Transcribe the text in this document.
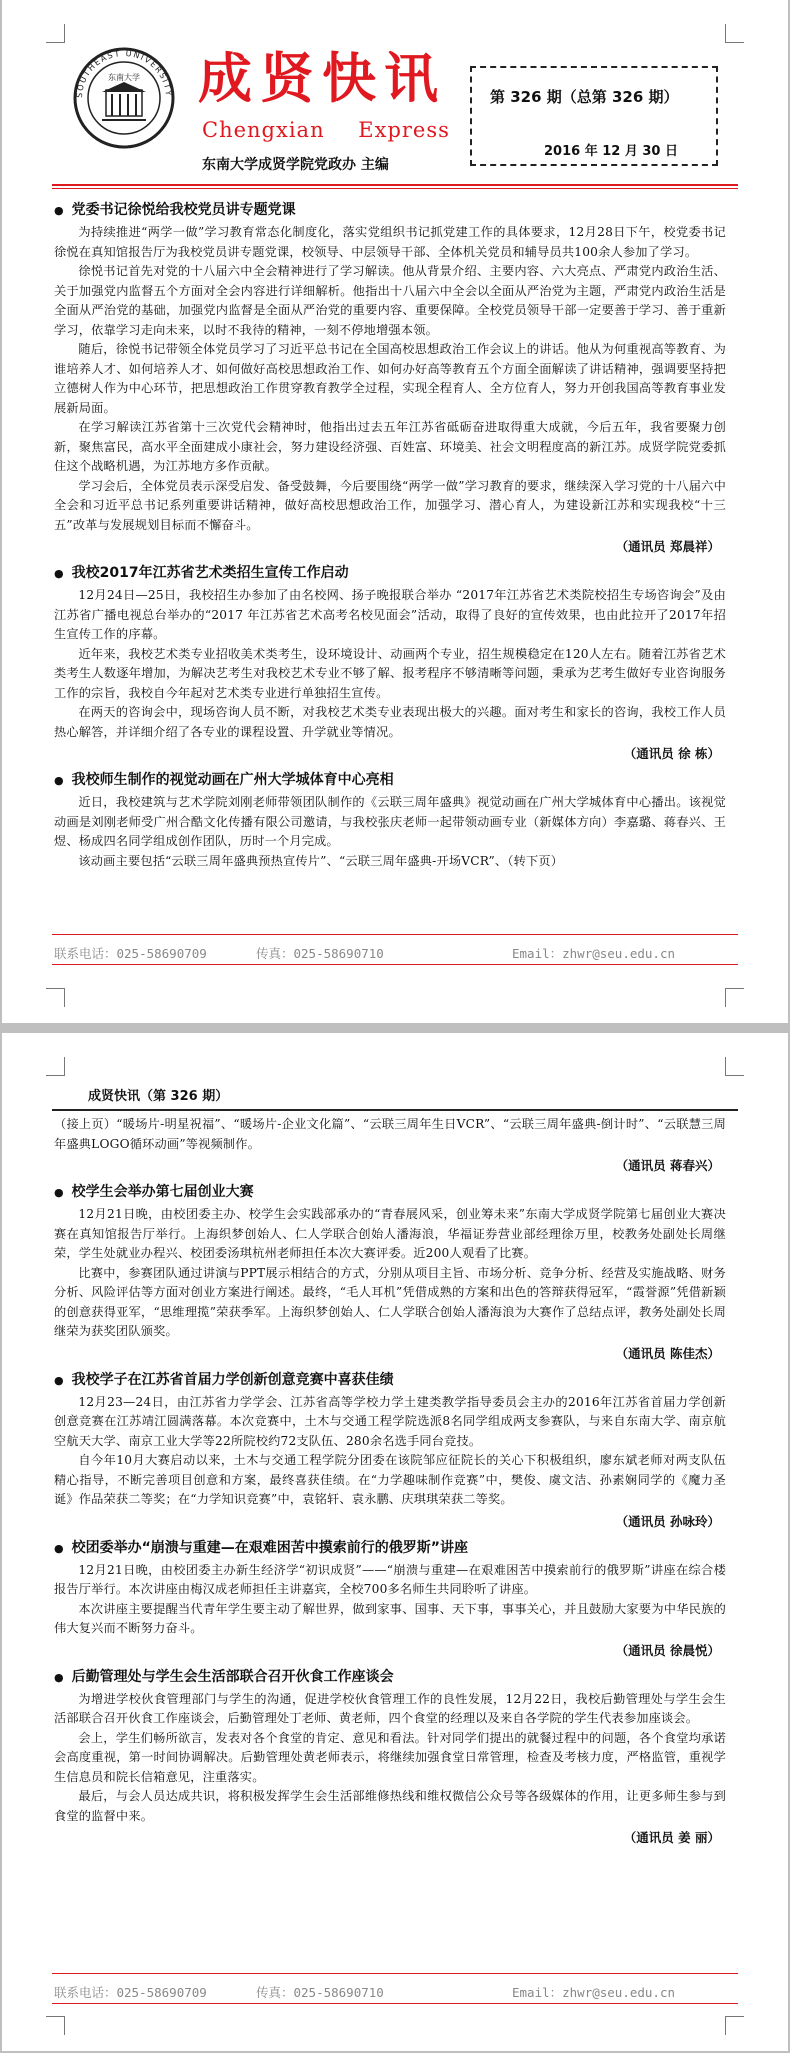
SOUTHEAST UNIVERSITY
东南大学 成贤快讯
Chengxian Express
东南大学成贤学院党政办 主编
第 326 期（总第 326 期）
2016 年 12 月 30 日
● 党委书记徐悦给我校党员讲专题党课

为持续推进“两学一做”学习教育常态化制度化，落实党组织书记抓党建工作的具体要求，12月28日下午，校党委书记徐悦在真知馆报告厅为我校党员讲专题党课，校领导、中层领导干部、全体机关党员和辅导员共100余人参加了学习。

徐悦书记首先对党的十八届六中全会精神进行了学习解读。他从背景介绍、主要内容、六大亮点、严肃党内政治生活、关于加强党内监督五个方面对全会内容进行详细解析。他指出十八届六中全会以全面从严治党为主题，严肃党内政治生活是全面从严治党的基础，加强党内监督是全面从严治党的重要内容、重要保障。全校党员领导干部一定要善于学习、善于重新学习，依靠学习走向未来，以时不我待的精神，一刻不停地增强本领。

随后，徐悦书记带领全体党员学习了习近平总书记在全国高校思想政治工作会议上的讲话。他从为何重视高等教育、为谁培养人才、如何培养人才、如何做好高校思想政治工作、如何办好高等教育五个方面全面解读了讲话精神，强调要坚持把立德树人作为中心环节，把思想政治工作贯穿教育教学全过程，实现全程育人、全方位育人，努力开创我国高等教育事业发展新局面。

在学习解读江苏省第十三次党代会精神时，他指出过去五年江苏省砥砺奋进取得重大成就，今后五年，我省要聚力创新，聚焦富民，高水平全面建成小康社会，努力建设经济强、百姓富、环境美、社会文明程度高的新江苏。成贤学院党委抓住这个战略机遇，为江苏地方多作贡献。

学习会后，全体党员表示深受启发、备受鼓舞，今后要围绕“两学一做”学习教育的要求，继续深入学习党的十八届六中全会和习近平总书记系列重要讲话精神，做好高校思想政治工作，加强学习、潜心育人，为建设新江苏和实现我校“十三五”改革与发展规划目标而不懈奋斗。

（通讯员 郑晨祥）
● 我校2017年江苏省艺术类招生宣传工作启动

12月24日—25日，我校招生办参加了由名校网、扬子晚报联合举办 “2017年江苏省艺术类院校招生专场咨询会”及由江苏省广播电视总台举办的“2017 年江苏省艺术高考名校见面会”活动，取得了良好的宣传效果，也由此拉开了2017年招生宣传工作的序幕。

近年来，我校艺术类专业招收美术类考生，设环境设计、动画两个专业，招生规模稳定在120人左右。随着江苏省艺术类考生人数逐年增加，为解决艺考生对我校艺术专业不够了解、报考程序不够清晰等问题，秉承为艺考生做好专业咨询服务工作的宗旨，我校自今年起对艺术类专业进行单独招生宣传。

在两天的咨询会中，现场咨询人员不断，对我校艺术类专业表现出极大的兴趣。面对考生和家长的咨询，我校工作人员热心解答，并详细介绍了各专业的课程设置、升学就业等情况。

（通讯员 徐 栋）
● 我校师生制作的视觉动画在广州大学城体育中心亮相

近日，我校建筑与艺术学院刘刚老师带领团队制作的《云联三周年盛典》视觉动画在广州大学城体育中心播出。该视觉动画是刘刚老师受广州合酷文化传播有限公司邀请，与我校张庆老师一起带领动画专业（新媒体方向）李嘉璐、蒋春兴、王煜、杨成四名同学组成创作团队，历时一个月完成。

该动画主要包括“云联三周年盛典预热宣传片”、“云联三周年盛典-开场VCR”、（转下页）

联系电话：025-58690709	传真：025-58690710	Email：zhwr@seu.edu.cn
成贤快讯（第 326 期）

（接上页）“暖场片-明星祝福”、“暖场片-企业文化篇”、“云联三周年生日VCR”、“云联三周年盛典-倒计时”、“云联慧三周年盛典LOGO循环动画”等视频制作。

（通讯员 蒋春兴）
● 校学生会举办第七届创业大赛

12月21日晚，由校团委主办、校学生会实践部承办的“青春展风采，创业筹未来”东南大学成贤学院第七届创业大赛决赛在真知馆报告厅举行。上海织梦创始人、仁人学联合创始人潘海浪，华福证券营业部经理徐万里，校教务处副处长周继荣，学生处就业办程兴、校团委汤琪杭州老师担任本次大赛评委。近200人观看了比赛。

比赛中，参赛团队通过讲演与PPT展示相结合的方式，分别从项目主旨、市场分析、竞争分析、经营及实施战略、财务分析、风险评估等方面对创业方案进行阐述。最终，“毛人耳机”凭借成熟的方案和出色的答辩获得冠军，“霞誉源”凭借新颖的创意获得亚军，“思维理揽”荣获季军。上海织梦创始人、仁人学联合创始人潘海浪为大赛作了总结点评，教务处副处长周继荣为获奖团队颁奖。

（通讯员 陈佳杰）
● 我校学子在江苏省首届力学创新创意竞赛中喜获佳绩

12月23—24日，由江苏省力学学会、江苏省高等学校力学土建类教学指导委员会主办的2016年江苏省首届力学创新创意竞赛在江苏靖江圆满落幕。本次竞赛中，土木与交通工程学院选派8名同学组成两支参赛队，与来自东南大学、南京航空航天大学、南京工业大学等22所院校约72支队伍、280余名选手同台竞技。

自今年10月大赛启动以来，土木与交通工程学院分团委在该院邹应征院长的关心下积极组织，廖东斌老师对两支队伍精心指导，不断完善项目创意和方案，最终喜获佳绩。在“力学趣味制作竞赛”中，樊俊、虞文洁、孙素娴同学的《魔力圣诞》作品荣获二等奖；在“力学知识竞赛”中，袁铭轩、袁永鹏、庆琪琪荣获二等奖。

（通讯员 孙咏玲）
● 校团委举办“崩溃与重建—在艰难困苦中摸索前行的俄罗斯”讲座

12月21日晚，由校团委主办新生经济学“初识成贤”——“崩溃与重建—在艰难困苦中摸索前行的俄罗斯”讲座在综合楼报告厅举行。本次讲座由梅汉成老师担任主讲嘉宾，全校700多名师生共同聆听了讲座。

本次讲座主要提醒当代青年学生要主动了解世界，做到家事、国事、天下事，事事关心，并且鼓励大家要为中华民族的伟大复兴而不断努力奋斗。

（通讯员 徐晨悦）
● 后勤管理处与学生会生活部联合召开伙食工作座谈会

为增进学校伙食管理部门与学生的沟通，促进学校伙食管理工作的良性发展，12月22日，我校后勤管理处与学生会生活部联合召开伙食工作座谈会，后勤管理处丁老师、黄老师，四个食堂的经理以及来自各学院的学生代表参加座谈会。

会上，学生们畅所欲言，发表对各个食堂的肯定、意见和看法。针对同学们提出的就餐过程中的问题，各个食堂均承诺会高度重视，第一时间协调解决。后勤管理处黄老师表示，将继续加强食堂日常管理，检查及考核力度，严格监管，重视学生信息员和院长信箱意见，注重落实。

最后，与会人员达成共识，将积极发挥学生会生活部维修热线和维权微信公众号等各级媒体的作用，让更多师生参与到食堂的监督中来。

（通讯员 姜 丽）
联系电话：025-58690709	传真：025-58690710	Email：zhwr@seu.edu.cn
